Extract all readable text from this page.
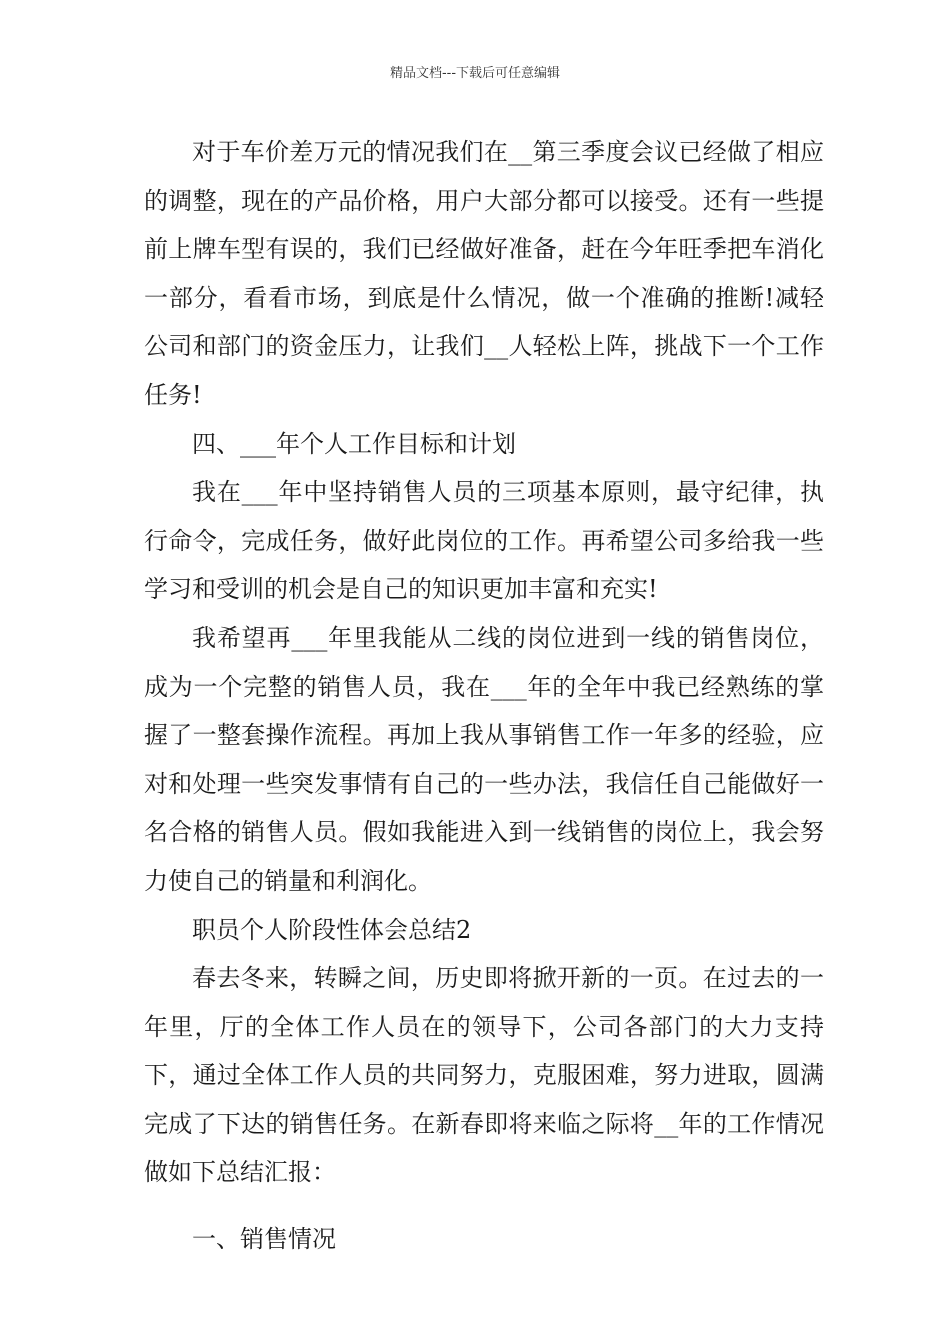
精品文档---下载后可任意编辑

对于车价差万元的情况我们在__第三季度会议已经做了相应的调整，现在的产品价格，用户大部分都可以接受。还有一些提前上牌车型有误的，我们已经做好准备，赶在今年旺季把车消化一部分，看看市场，到底是什么情况，做一个准确的推断!减轻公司和部门的资金压力，让我们__人轻松上阵，挑战下一个工作任务!

四、___年个人工作目标和计划

我在___年中坚持销售人员的三项基本原则，最守纪律，执行命令，完成任务，做好此岗位的工作。再希望公司多给我一些学习和受训的机会是自己的知识更加丰富和充实!

我希望再___年里我能从二线的岗位进到一线的销售岗位，成为一个完整的销售人员，我在___年的全年中我已经熟练的掌握了一整套操作流程。再加上我从事销售工作一年多的经验，应对和处理一些突发事情有自己的一些办法，我信任自己能做好一名合格的销售人员。假如我能进入到一线销售的岗位上，我会努力使自己的销量和利润化。

职员个人阶段性体会总结2

春去冬来，转瞬之间，历史即将掀开新的一页。在过去的一年里，厅的全体工作人员在的领导下，公司各部门的大力支持下，通过全体工作人员的共同努力，克服困难，努力进取，圆满完成了下达的销售任务。在新春即将来临之际将__年的工作情况做如下总结汇报：

一、销售情况
